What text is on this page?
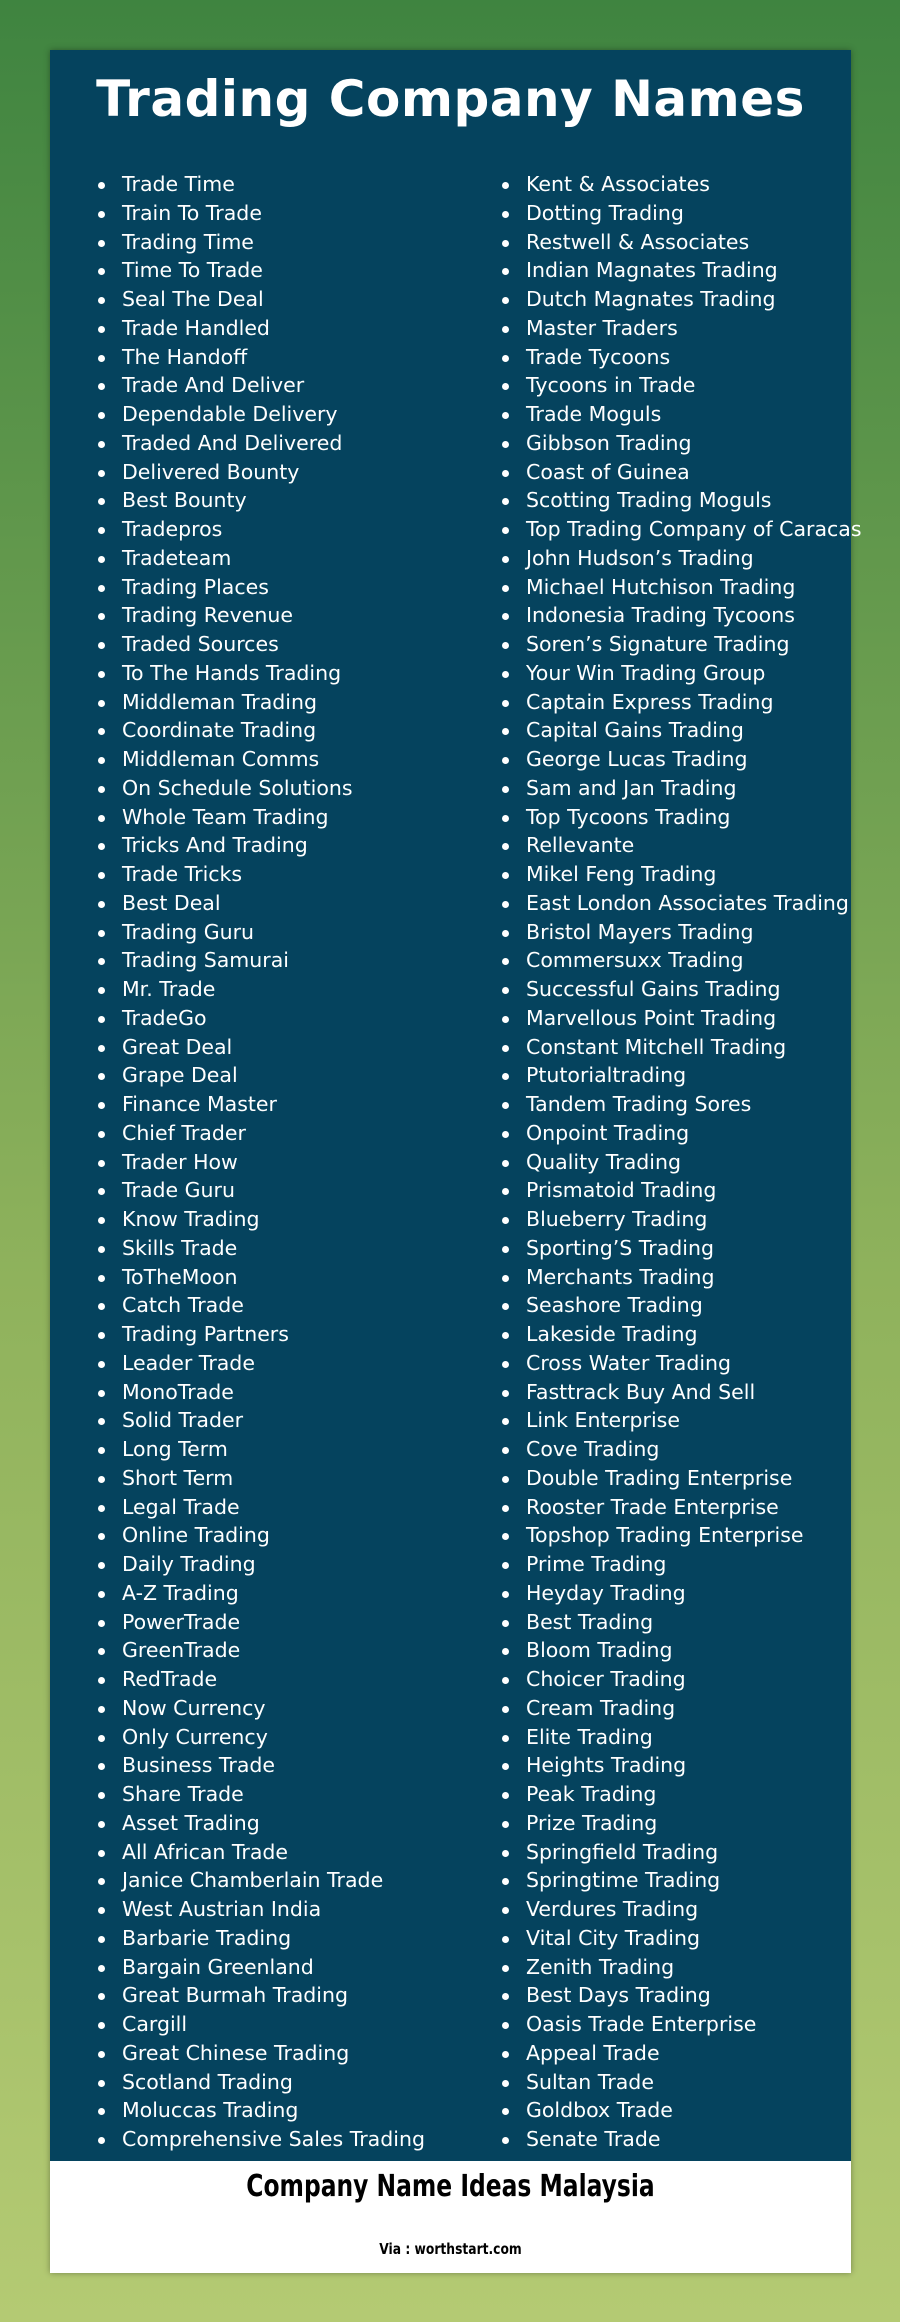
Trading Company Names
Trade Time
Train To Trade
Trading Time
Time To Trade
Seal The Deal
Trade Handled
The Handoff
Trade And Deliver
Dependable Delivery
Traded And Delivered
Delivered Bounty
Best Bounty
Tradepros
Tradeteam
Trading Places
Trading Revenue
Traded Sources
To The Hands Trading
Middleman Trading
Coordinate Trading
Middleman Comms
On Schedule Solutions
Whole Team Trading
Tricks And Trading
Trade Tricks
Best Deal
Trading Guru
Trading Samurai
Mr. Trade
TradeGo
Great Deal
Grape Deal
Finance Master
Chief Trader
Trader How
Trade Guru
Know Trading
Skills Trade
ToTheMoon
Catch Trade
Trading Partners
Leader Trade
MonoTrade
Solid Trader
Long Term
Short Term
Legal Trade
Online Trading
Daily Trading
A-Z Trading
PowerTrade
GreenTrade
RedTrade
Now Currency
Only Currency
Business Trade
Share Trade
Asset Trading
All African Trade
Janice Chamberlain Trade
West Austrian India
Barbarie Trading
Bargain Greenland
Great Burmah Trading
Cargill
Great Chinese Trading
Scotland Trading
Moluccas Trading
Comprehensive Sales Trading
Kent & Associates
Dotting Trading
Restwell & Associates
Indian Magnates Trading
Dutch Magnates Trading
Master Traders
Trade Tycoons
Tycoons in Trade
Trade Moguls
Gibbson Trading
Coast of Guinea
Scotting Trading Moguls
Top Trading Company of Caracas
John Hudson’s Trading
Michael Hutchison Trading
Indonesia Trading Tycoons
Soren’s Signature Trading
Your Win Trading Group
Captain Express Trading
Capital Gains Trading
George Lucas Trading
Sam and Jan Trading
Top Tycoons Trading
Rellevante
Mikel Feng Trading
East London Associates Trading
Bristol Mayers Trading
Commersuxx Trading
Successful Gains Trading
Marvellous Point Trading
Constant Mitchell Trading
Ptutorialtrading
Tandem Trading Sores
Onpoint Trading
Quality Trading
Prismatoid Trading
Blueberry Trading
Sporting’S Trading
Merchants Trading
Seashore Trading
Lakeside Trading
Cross Water Trading
Fasttrack Buy And Sell
Link Enterprise
Cove Trading
Double Trading Enterprise
Rooster Trade Enterprise
Topshop Trading Enterprise
Prime Trading
Heyday Trading
Best Trading
Bloom Trading
Choicer Trading
Cream Trading
Elite Trading
Heights Trading
Peak Trading
Prize Trading
Springfield Trading
Springtime Trading
Verdures Trading
Vital City Trading
Zenith Trading
Best Days Trading
Oasis Trade Enterprise
Appeal Trade
Sultan Trade
Goldbox Trade
Senate Trade
Company Name Ideas Malaysia
Via : worthstart.com
